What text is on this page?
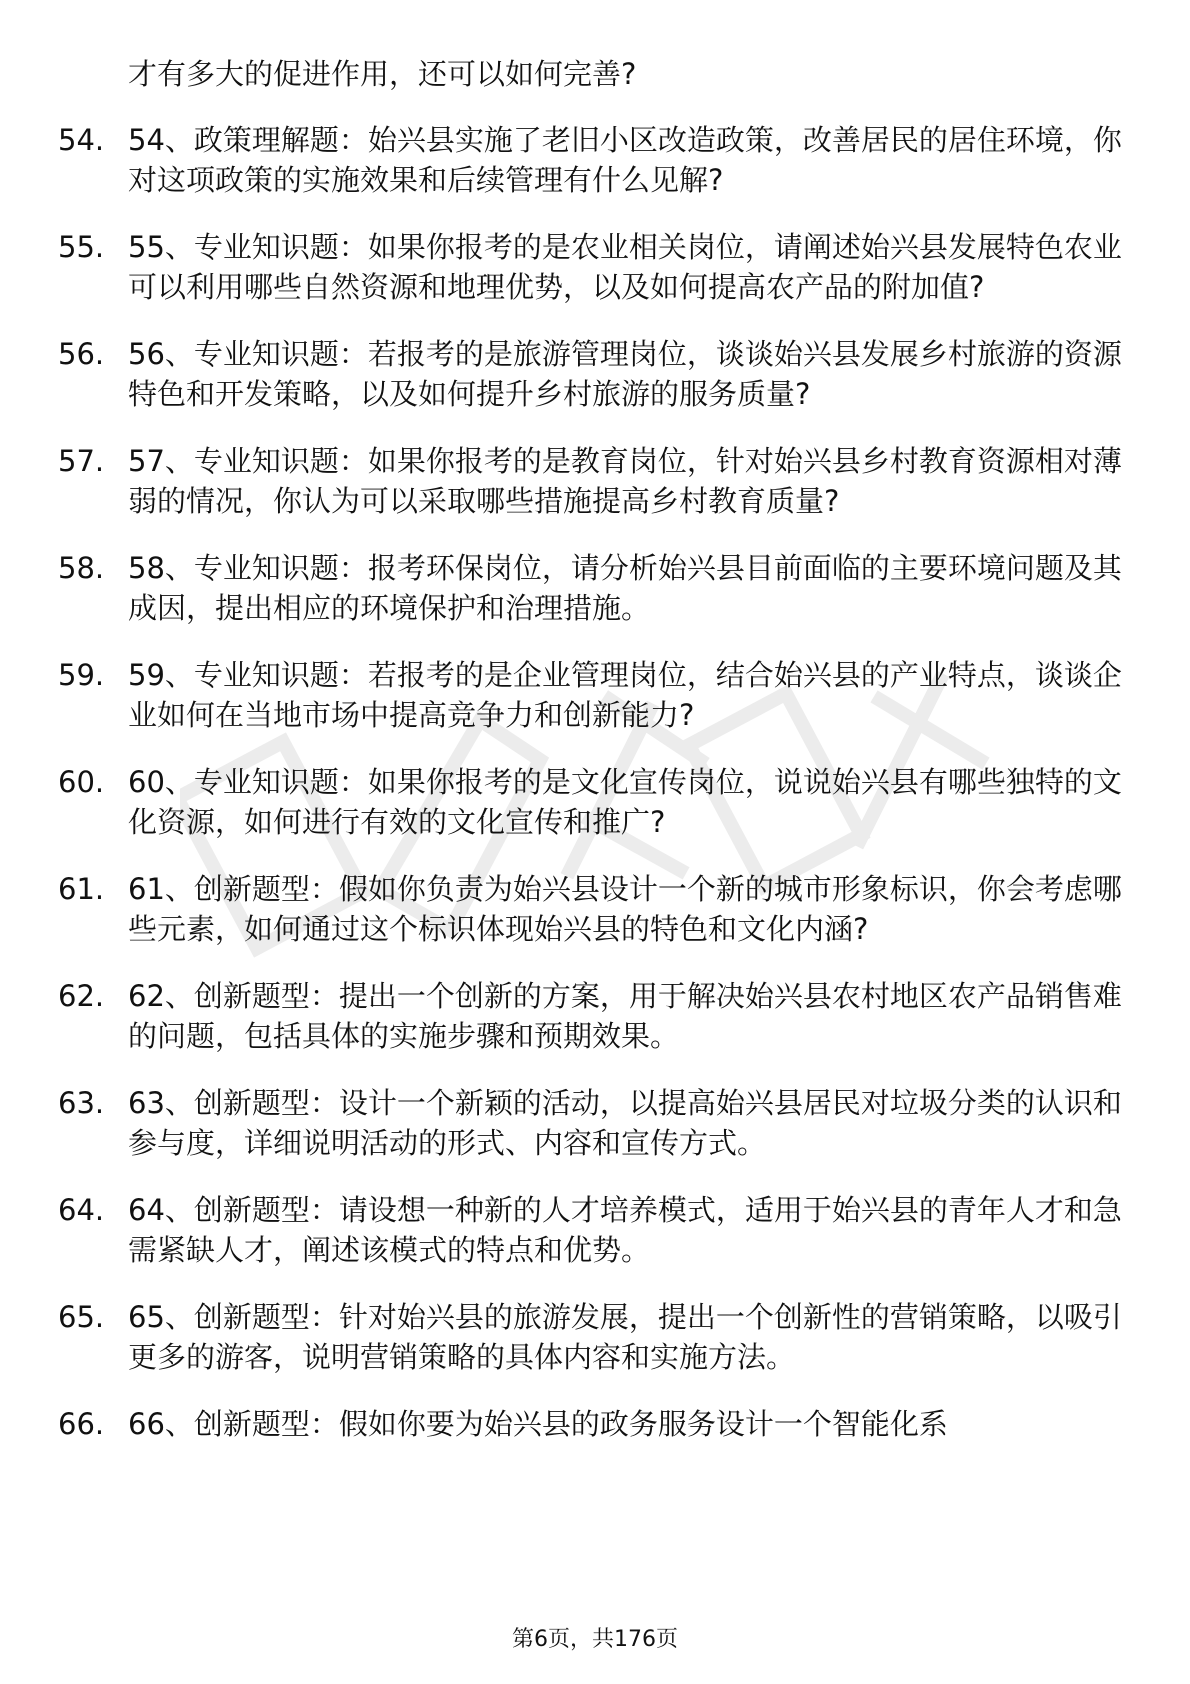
才有多大的促进作用，还可以如何完善?
54. 54、政策理解题：始兴县实施了老旧小区改造政策，改善居民的居住环境，你对这项政策的实施效果和后续管理有什么见解?
55. 55、专业知识题：如果你报考的是农业相关岗位，请阐述始兴县发展特色农业可以利用哪些自然资源和地理优势，以及如何提高农产品的附加值?
56. 56、专业知识题：若报考的是旅游管理岗位，谈谈始兴县发展乡村旅游的资源特色和开发策略，以及如何提升乡村旅游的服务质量?
57. 57、专业知识题：如果你报考的是教育岗位，针对始兴县乡村教育资源相对薄弱的情况，你认为可以采取哪些措施提高乡村教育质量?
58. 58、专业知识题：报考环保岗位，请分析始兴县目前面临的主要环境问题及其成因，提出相应的环境保护和治理措施。
59. 59、专业知识题：若报考的是企业管理岗位，结合始兴县的产业特点，谈谈企业如何在当地市场中提高竞争力和创新能力?
60. 60、专业知识题：如果你报考的是文化宣传岗位，说说始兴县有哪些独特的文化资源，如何进行有效的文化宣传和推广?
61. 61、创新题型：假如你负责为始兴县设计一个新的城市形象标识，你会考虑哪些元素，如何通过这个标识体现始兴县的特色和文化内涵?
62. 62、创新题型：提出一个创新的方案，用于解决始兴县农村地区农产品销售难的问题，包括具体的实施步骤和预期效果。
63. 63、创新题型：设计一个新颖的活动，以提高始兴县居民对垃圾分类的认识和参与度，详细说明活动的形式、内容和宣传方式。
64. 64、创新题型：请设想一种新的人才培养模式，适用于始兴县的青年人才和急需紧缺人才，阐述该模式的特点和优势。
65. 65、创新题型：针对始兴县的旅游发展，提出一个创新性的营销策略，以吸引更多的游客，说明营销策略的具体内容和实施方法。
66. 66、创新题型：假如你要为始兴县的政务服务设计一个智能化系
第6页，共176页
